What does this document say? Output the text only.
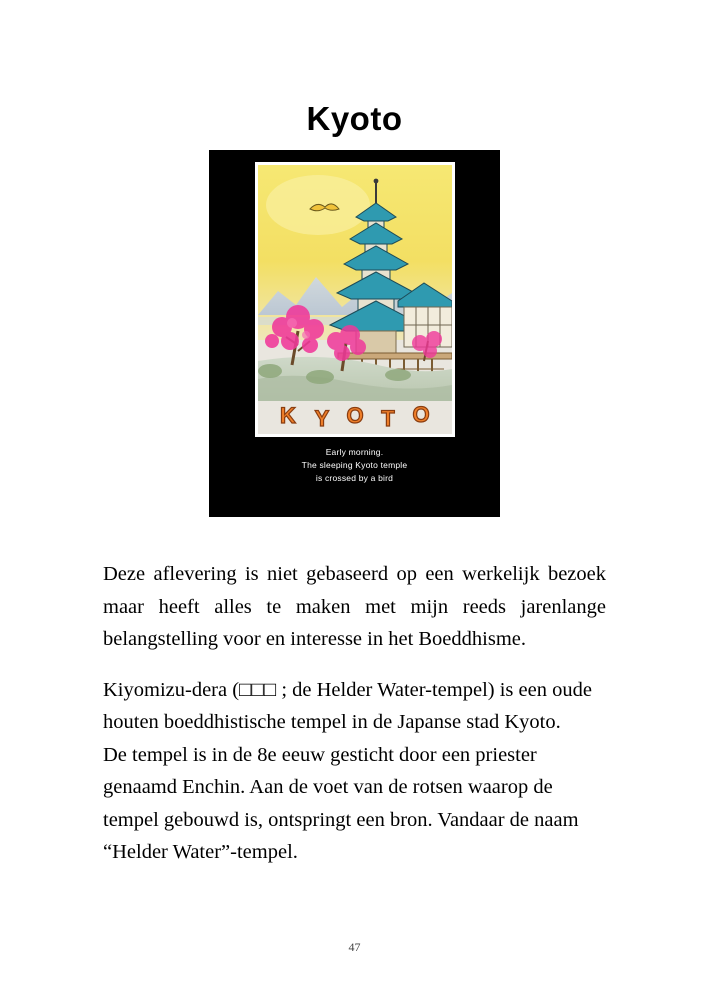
Kyoto
K Y O T O
Early morning.
The sleeping Kyoto temple
is crossed by a bird

Deze aflevering is niet gebaseerd op een werkelijk bezoek maar heeft alles te maken met mijn reeds jarenlange belangstelling voor en interesse in het Boeddhisme.

Kiyomizu-dera (□□□ ; de Helder Water-tempel) is een oude houten boeddhistische tempel in de Japanse stad Kyoto.

De tempel is in de 8e eeuw gesticht door een priester genaamd Enchin. Aan de voet van de rotsen waarop de tempel gebouwd is, ontspringt een bron. Vandaar de naam “Helder Water”-tempel.

47
